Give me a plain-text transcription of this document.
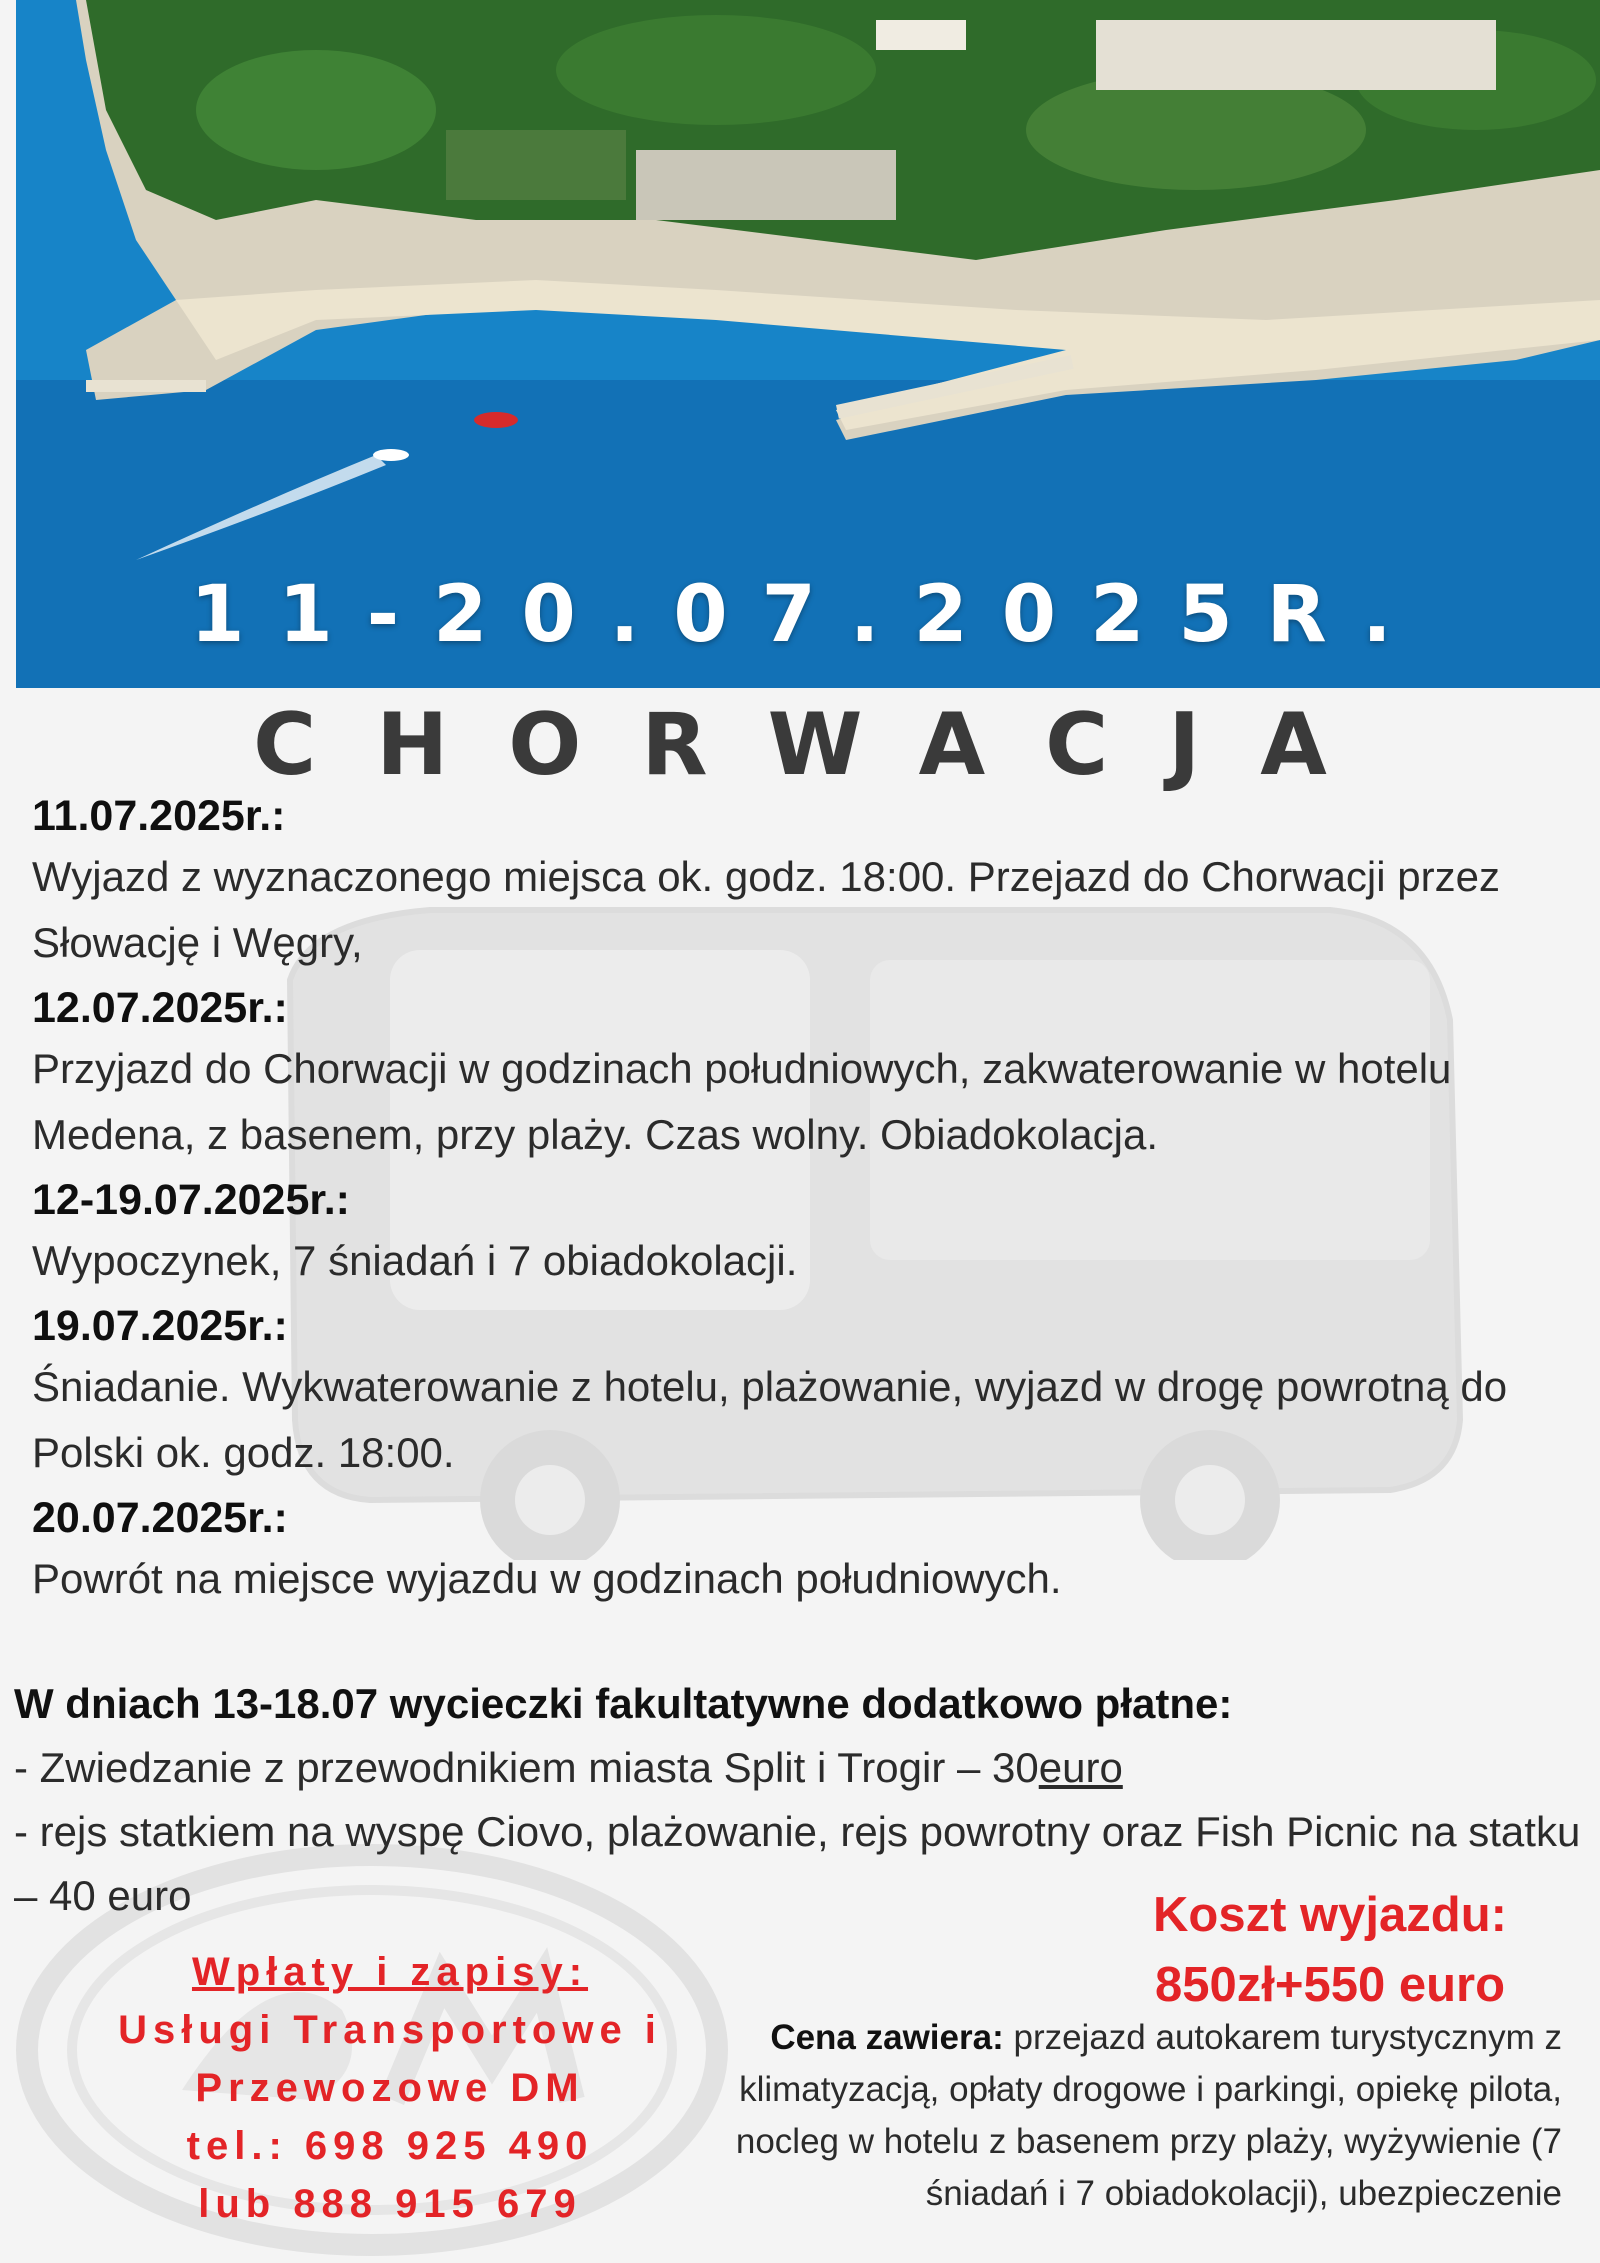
11-20.07.2025R.
CHORWACJA
11.07.2025r.:
Wyjazd z wyznaczonego miejsca ok. godz. 18:00. Przejazd do Chorwacji przez Słowację i Węgry,
12.07.2025r.:
Przyjazd do Chorwacji w godzinach południowych, zakwaterowanie w hotelu Medena, z basenem, przy plaży. Czas wolny. Obiadokolacja.
12-19.07.2025r.:
Wypoczynek, 7 śniadań i 7 obiadokolacji.
19.07.2025r.:
Śniadanie. Wykwaterowanie z hotelu, plażowanie, wyjazd w drogę powrotną do Polski ok. godz. 18:00.
20.07.2025r.:
Powrót na miejsce wyjazdu w godzinach południowych.
W dniach 13-18.07 wycieczki fakultatywne dodatkowo płatne:
- Zwiedzanie z przewodnikiem miasta Split i Trogir – 30euro
- rejs statkiem na wyspę Ciovo, plażowanie, rejs powrotny oraz Fish Picnic na statku – 40 euro
Wpłaty i zapisy:
Usługi Transportowe i
Przewozowe DM
tel.: 698 925 490
lub 888 915 679
Koszt wyjazdu:
850zł+550 euro
Cena zawiera: przejazd autokarem turystycznym z klimatyzacją, opłaty drogowe i parkingi, opiekę pilota, nocleg w hotelu z basenem przy plaży, wyżywienie (7 śniadań i 7 obiadokolacji), ubezpieczenie
